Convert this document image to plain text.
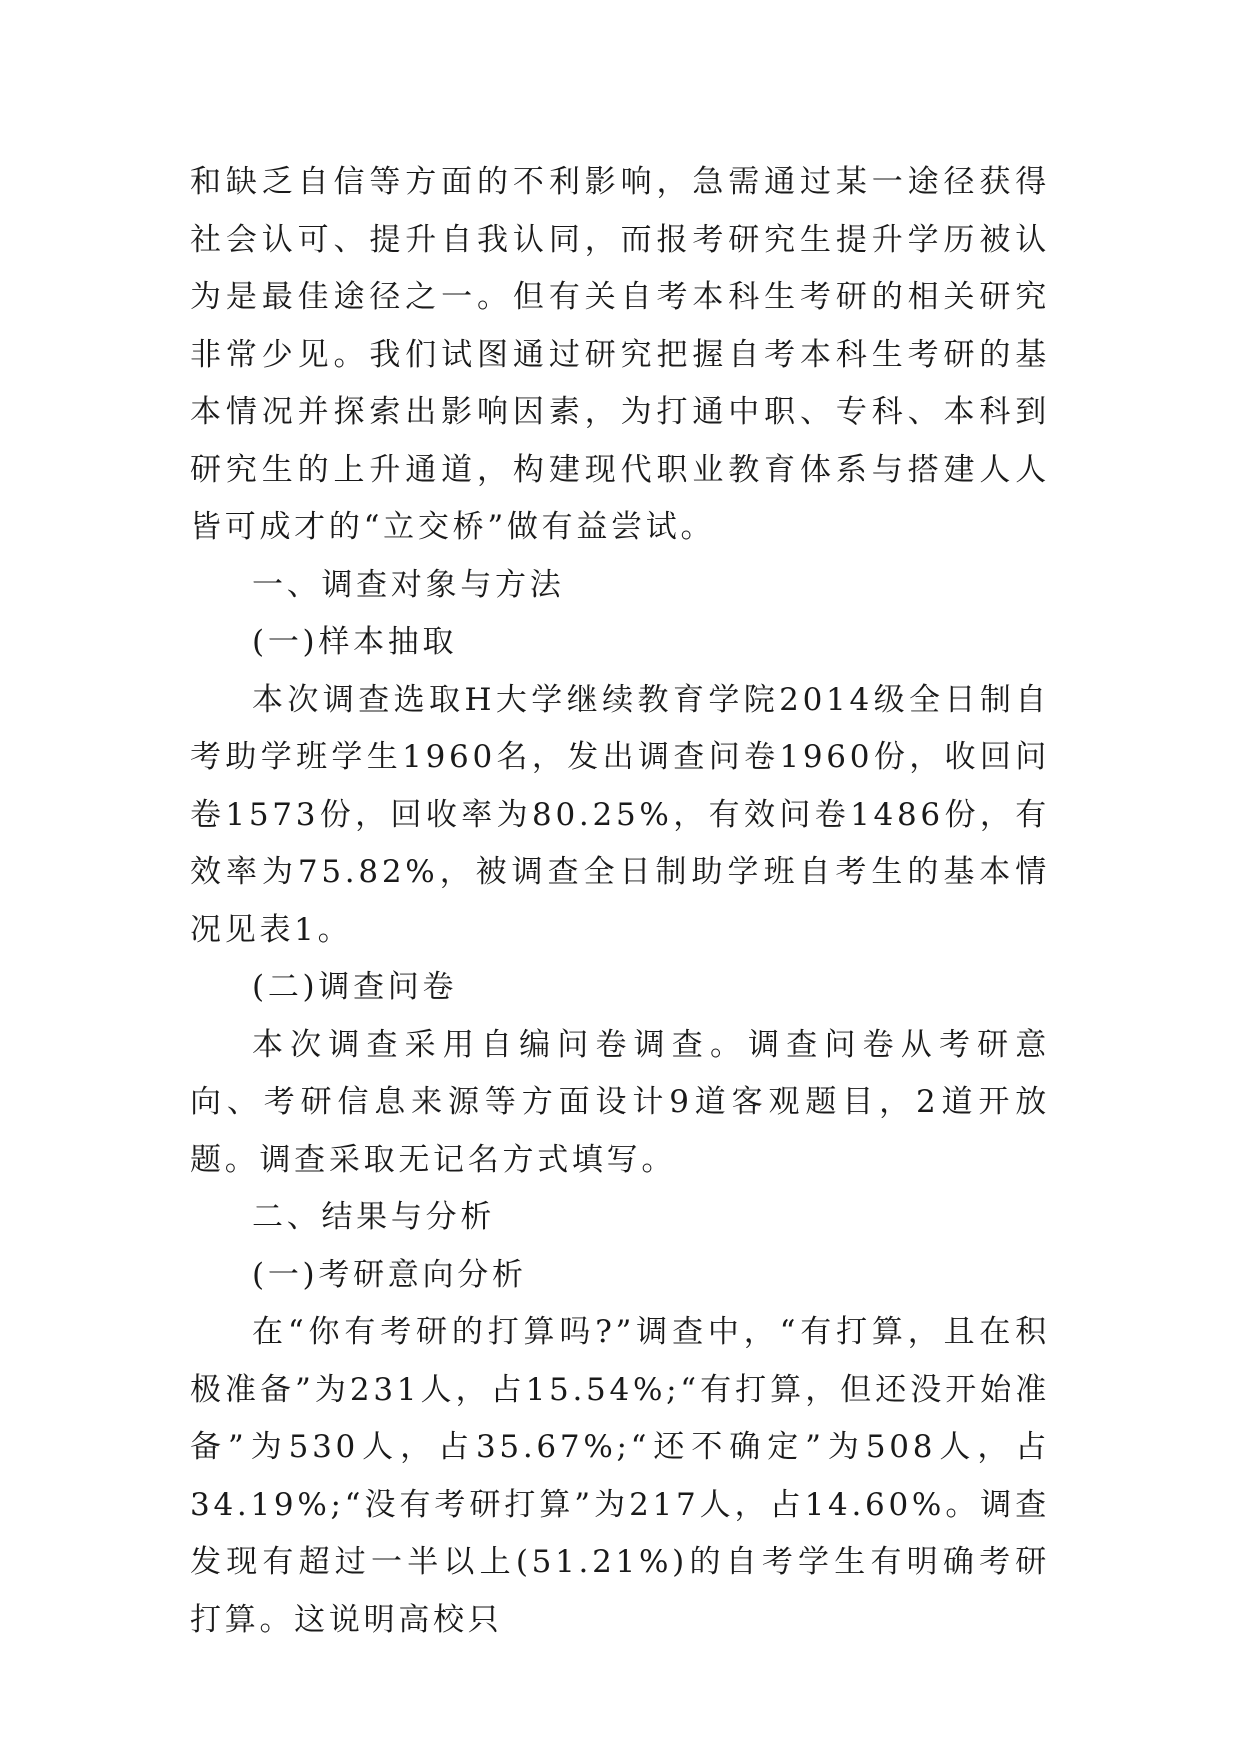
和缺乏自信等方面的不利影响，急需通过某一途径获得社会认可、提升自我认同，而报考研究生提升学历被认为是最佳途径之一。但有关自考本科生考研的相关研究非常少见。我们试图通过研究把握自考本科生考研的基本情况并探索出影响因素，为打通中职、专科、本科到研究生的上升通道，构建现代职业教育体系与搭建人人皆可成才的“立交桥”做有益尝试。

一、调查对象与方法

(一)样本抽取

本次调查选取H大学继续教育学院2014级全日制自考助学班学生1960名，发出调查问卷1960份，收回问卷1573份，回收率为80.25%，有效问卷1486份，有效率为75.82%，被调查全日制助学班自考生的基本情况见表1。

(二)调查问卷

本次调查采用自编问卷调查。调查问卷从考研意向、考研信息来源等方面设计9道客观题目，2道开放题。调查采取无记名方式填写。

二、结果与分析

(一)考研意向分析

在“你有考研的打算吗?”调查中，“有打算，且在积极准备”为231人，占15.54%;“有打算，但还没开始准备”为530人，占35.67%;“还不确定”为508人，占34.19%;“没有考研打算”为217人，占14.60%。调查发现有超过一半以上(51.21%)的自考学生有明确考研打算。这说明高校只
